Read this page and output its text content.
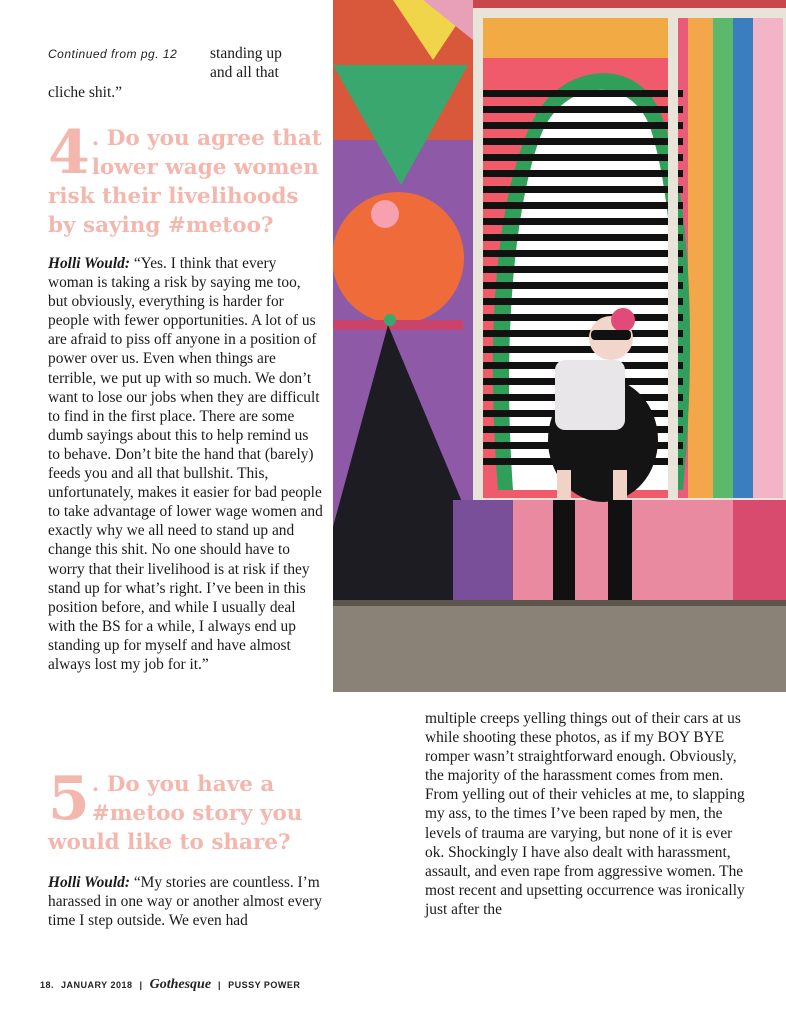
Continued from pg. 12 standing up
and all that
cliche shit.”
4 . Do you agree that lower wage women risk their livelihoods by saying #metoo?
Holli Would: “Yes. I think that every woman is taking a risk by saying me too, but obviously, everything is harder for people with fewer opportunities. A lot of us are afraid to piss off anyone in a position of power over us. Even when things are terrible, we put up with so much. We don’t want to lose our jobs when they are difficult to find in the first place. There are some dumb sayings about this to help remind us to behave. Don’t bite the hand that (barely) feeds you and all that bullshit. This, unfortunately, makes it easier for bad people to take advantage of lower wage women and exactly why we all need to stand up and change this shit. No one should have to worry that their livelihood is at risk if they stand up for what’s right. I’ve been in this position before, and while I usually deal with the BS for a while, I always end up standing up for myself and have almost always lost my job for it.”
5 . Do you have a #metoo story you would like to share?
Holli Would: “My stories are countless. I’m harassed in one way or another almost every time I step outside. We even had
multiple creeps yelling things out of their cars at us while shooting these photos, as if my BOY BYE romper wasn’t straightforward enough. Obviously, the majority of the harassment comes from men. From yelling out of their vehicles at me, to slapping my ass, to the times I’ve been raped by men, the levels of trauma are varying, but none of it is ever ok. Shockingly I have also dealt with harassment, assault, and even rape from aggressive women. The most recent and upsetting occurrence was ironically just after the
18. JANUARY 2018 | Gothesque | PUSSY POWER
